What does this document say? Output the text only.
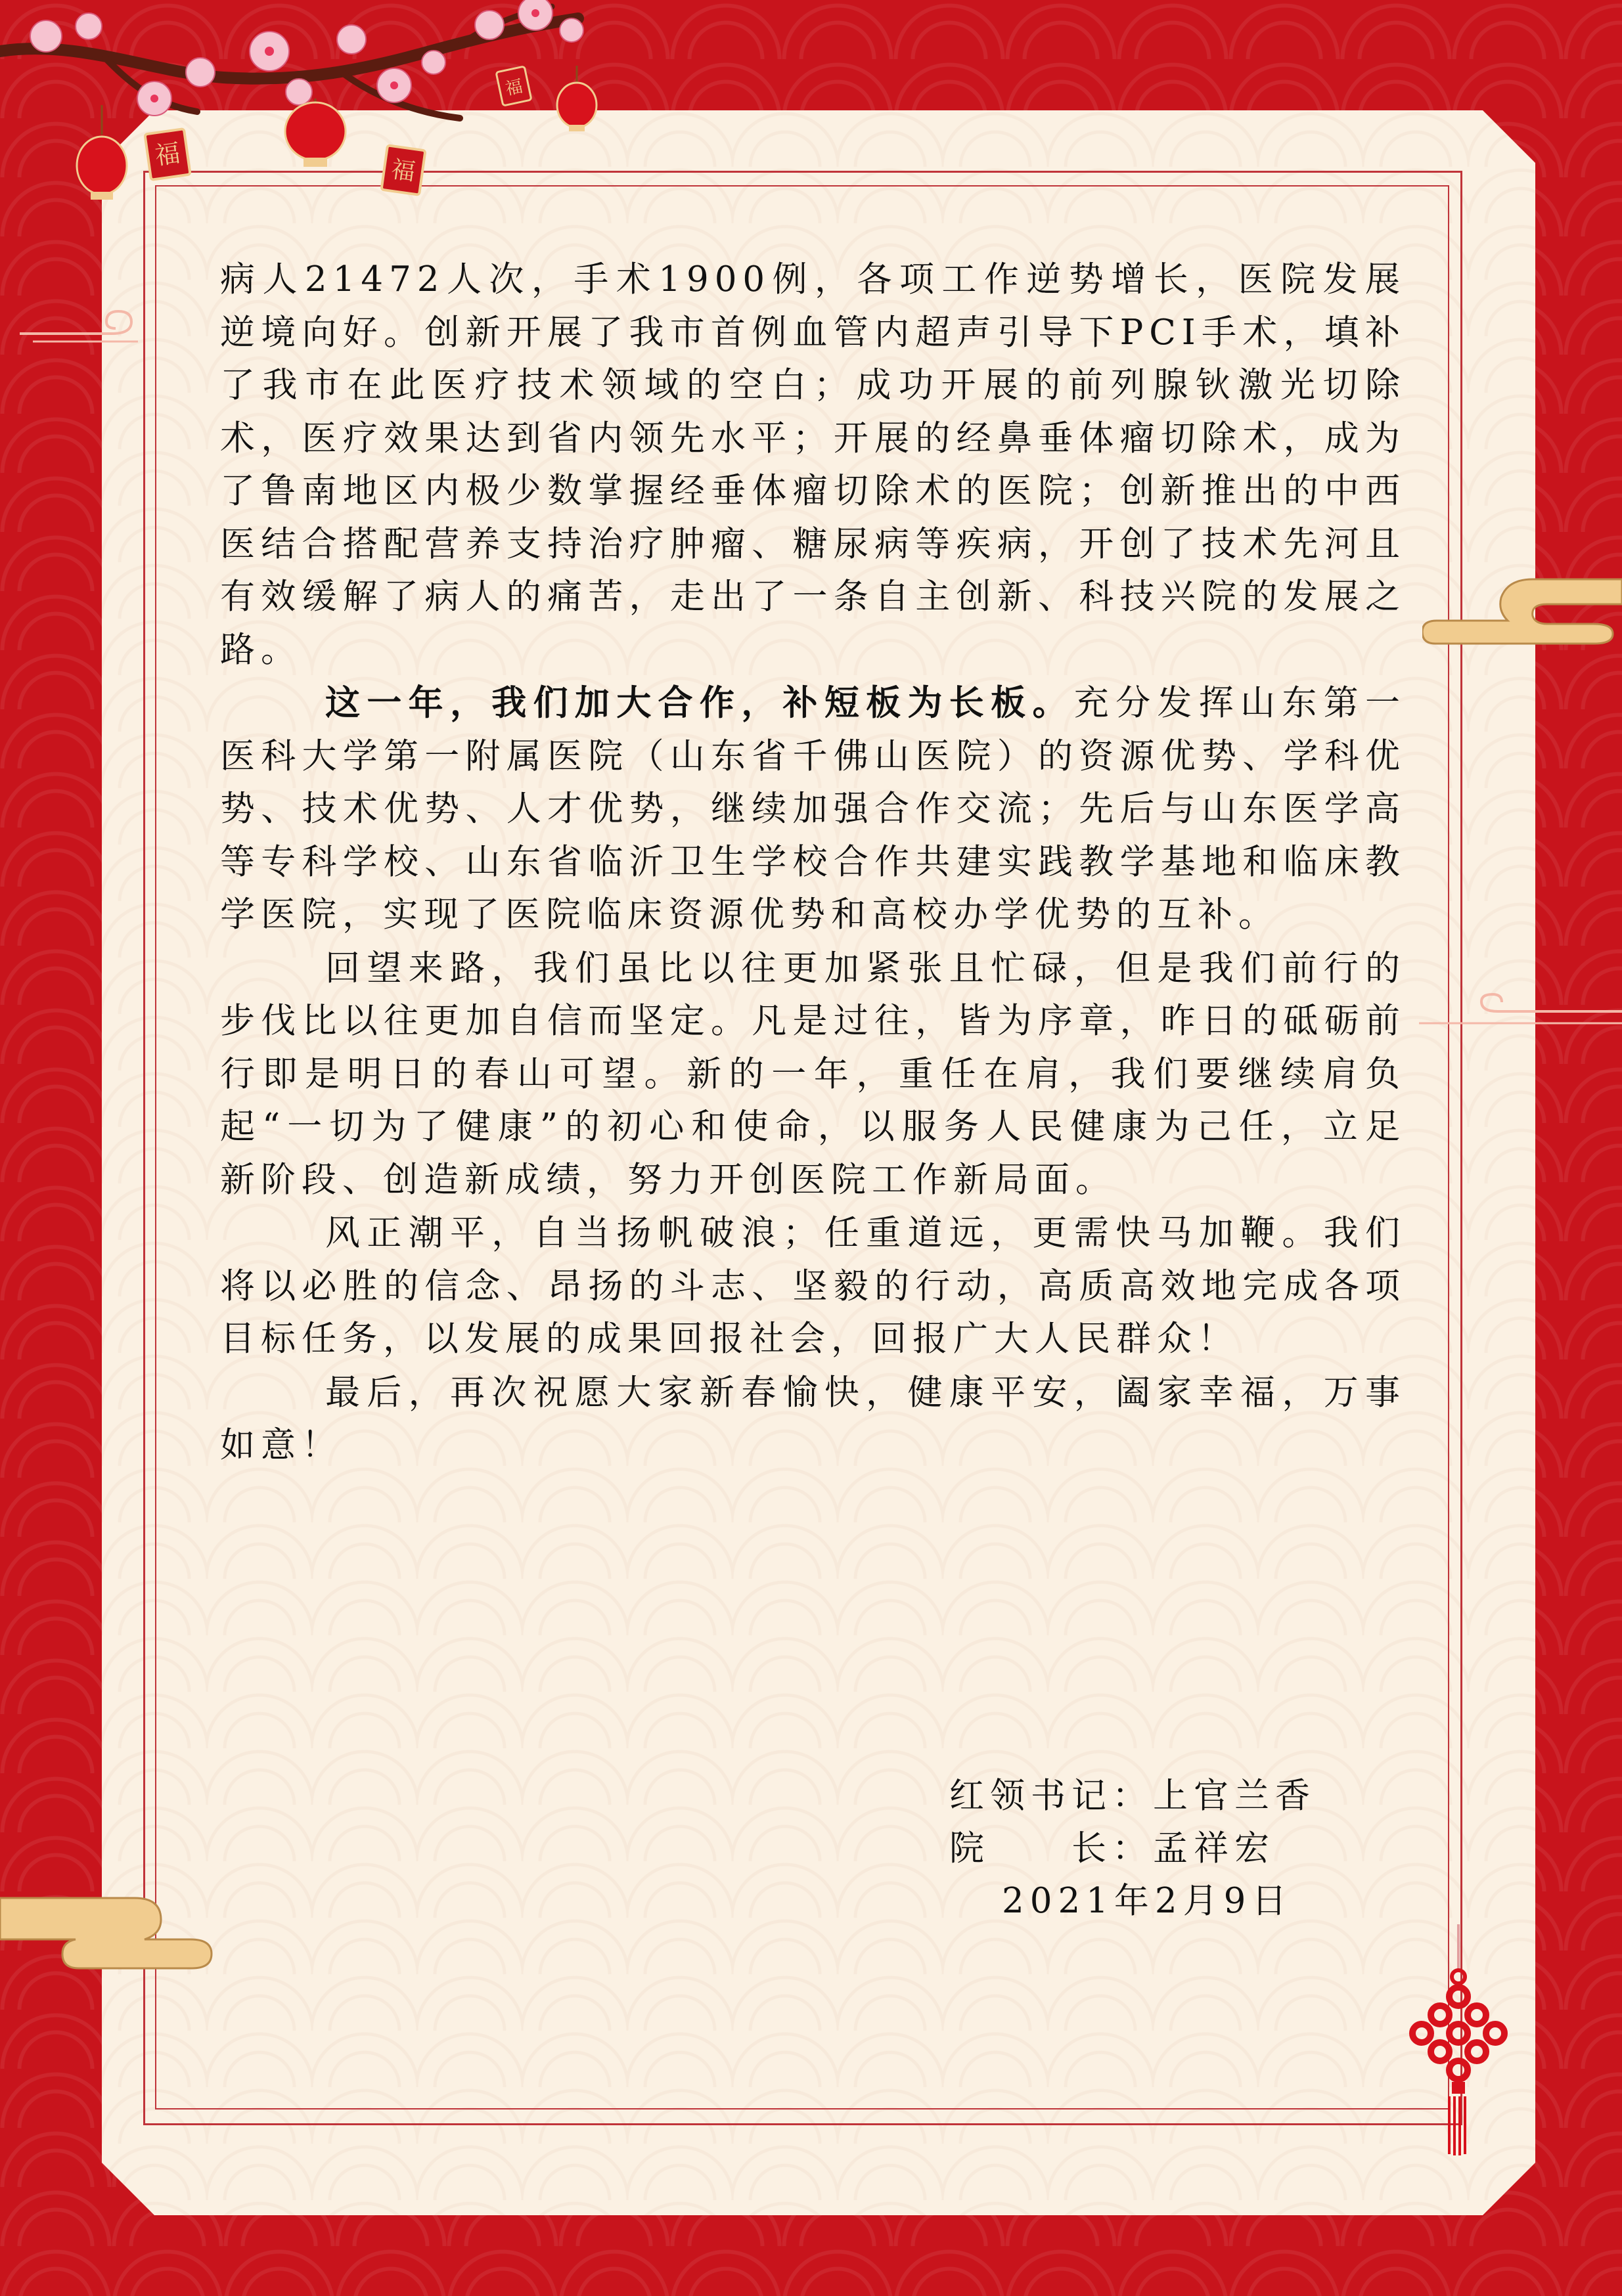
福
福
福

病人21472人次，手术1900例，各项工作逆势增长，医院发展逆境向好。创新开展了我市首例血管内超声引导下PCI手术，填补了我市在此医疗技术领域的空白；成功开展的前列腺钬激光切除术，医疗效果达到省内领先水平；开展的经鼻垂体瘤切除术，成为了鲁南地区内极少数掌握经垂体瘤切除术的医院；创新推出的中西医结合搭配营养支持治疗肿瘤、糖尿病等疾病，开创了技术先河且有效缓解了病人的痛苦，走出了一条自主创新、科技兴院的发展之路。

这一年，我们加大合作，补短板为长板。充分发挥山东第一医科大学第一附属医院（山东省千佛山医院）的资源优势、学科优势、技术优势、人才优势，继续加强合作交流；先后与山东医学高等专科学校、山东省临沂卫生学校合作共建实践教学基地和临床教学医院，实现了医院临床资源优势和高校办学优势的互补。

回望来路，我们虽比以往更加紧张且忙碌，但是我们前行的步伐比以往更加自信而坚定。凡是过往，皆为序章，昨日的砥砺前行即是明日的春山可望。新的一年，重任在肩，我们要继续肩负起“一切为了健康”的初心和使命，以服务人民健康为己任，立足新阶段、创造新成绩，努力开创医院工作新局面。

风正潮平，自当扬帆破浪；任重道远，更需快马加鞭。我们将以必胜的信念、昂扬的斗志、坚毅的行动，高质高效地完成各项目标任务，以发展的成果回报社会，回报广大人民群众！

最后，再次祝愿大家新春愉快，健康平安，阖家幸福，万事如意！

红领书记：上官兰香
院　　长：孟祥宏
2021年2月9日
